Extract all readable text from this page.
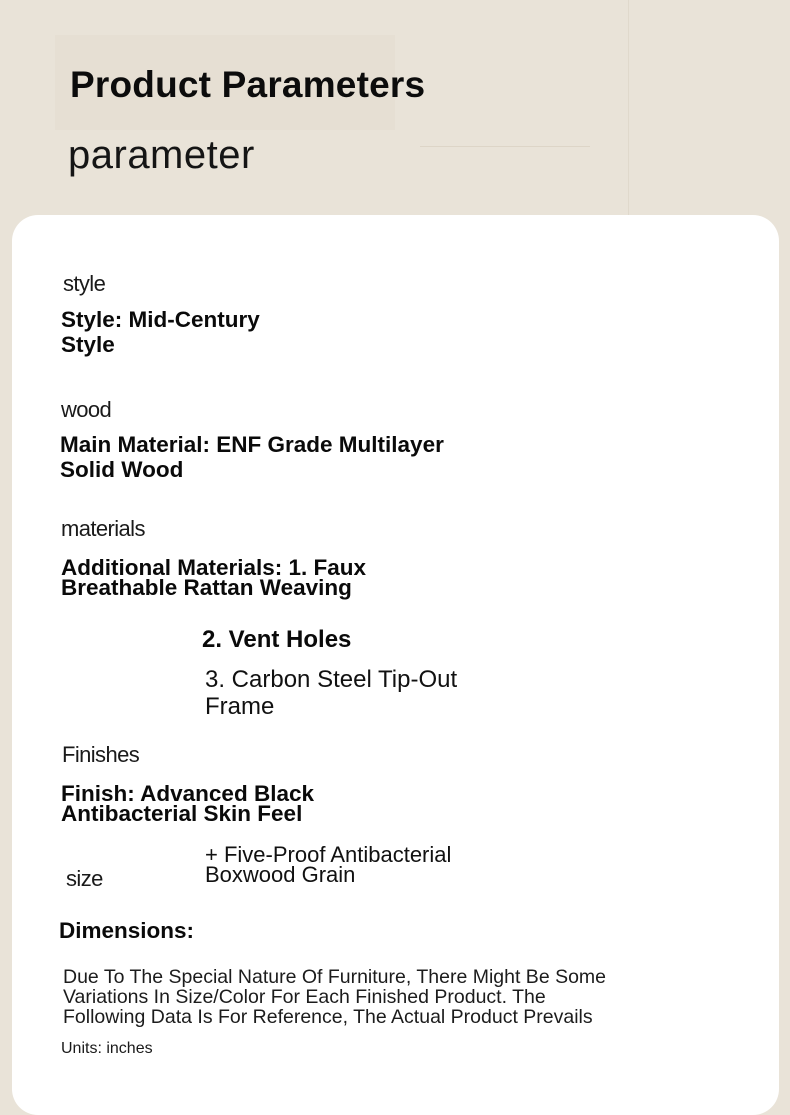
Product Parameters
parameter
style
Style: Mid-Century
Style
wood
Main Material: ENF Grade Multilayer
Solid Wood
materials
Additional Materials: 1. Faux
Breathable Rattan Weaving
2. Vent Holes
3. Carbon Steel Tip-Out
Frame
Finishes
Finish: Advanced Black
Antibacterial Skin Feel
+ Five-Proof Antibacterial
Boxwood Grain
size
Dimensions:
Due To The Special Nature Of Furniture, There Might Be Some
Variations In Size/Color For Each Finished Product. The
Following Data Is For Reference, The Actual Product Prevails
Units: inches
